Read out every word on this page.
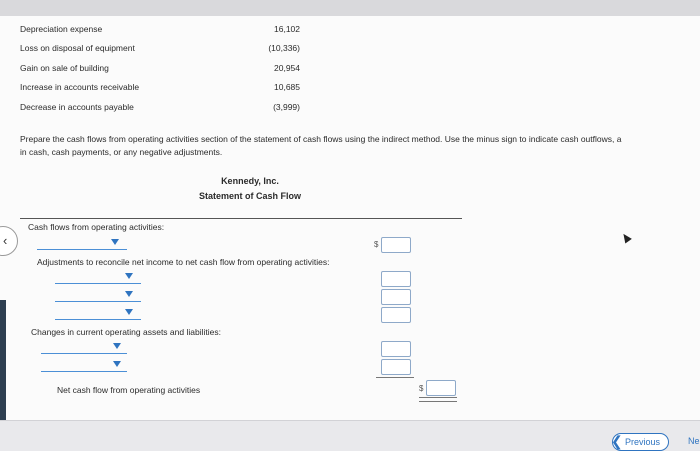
Depreciation expense	16,102
Loss on disposal of equipment	(10,336)
Gain on sale of building	20,954
Increase in accounts receivable	10,685
Decrease in accounts payable	(3,999)
Prepare the cash flows from operating activities section of the statement of cash flows using the indirect method. Use the minus sign to indicate cash outflows, a
in cash, cash payments, or any negative adjustments.
Kennedy, Inc.
Statement of Cash Flow
Cash flows from operating activities:
‹	$
Adjustments to reconcile net income to net cash flow from operating activities:
Changes in current operating assets and liabilities:
Net cash flow from operating activities	$
❮ Previous	Ne
